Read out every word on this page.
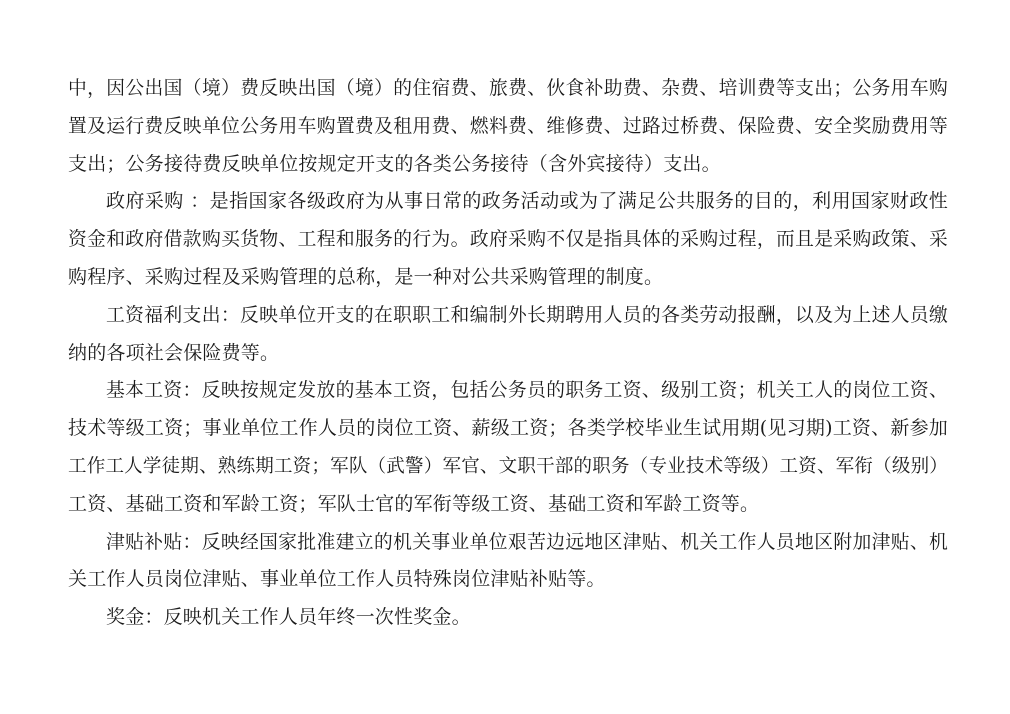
中，因公出国（境）费反映出国（境）的住宿费、旅费、伙食补助费、杂费、培训费等支出；公务用车购
置及运行费反映单位公务用车购置费及租用费、燃料费、维修费、过路过桥费、保险费、安全奖励费用等
支出；公务接待费反映单位按规定开支的各类公务接待（含外宾接待）支出。
政府采购 ：是指国家各级政府为从事日常的政务活动或为了满足公共服务的目的，利用国家财政性
资金和政府借款购买货物、工程和服务的行为。政府采购不仅是指具体的采购过程，而且是采购政策、采
购程序、采购过程及采购管理的总称，是一种对公共采购管理的制度。
工资福利支出：反映单位开支的在职职工和编制外长期聘用人员的各类劳动报酬，以及为上述人员缴
纳的各项社会保险费等。
基本工资：反映按规定发放的基本工资，包括公务员的职务工资、级别工资；机关工人的岗位工资、
技术等级工资；事业单位工作人员的岗位工资、薪级工资；各类学校毕业生试用期(见习期)工资、新参加
工作工人学徒期、熟练期工资；军队（武警）军官、文职干部的职务（专业技术等级）工资、军衔（级别）
工资、基础工资和军龄工资；军队士官的军衔等级工资、基础工资和军龄工资等。
津贴补贴：反映经国家批准建立的机关事业单位艰苦边远地区津贴、机关工作人员地区附加津贴、机
关工作人员岗位津贴、事业单位工作人员特殊岗位津贴补贴等。
奖金：反映机关工作人员年终一次性奖金。
